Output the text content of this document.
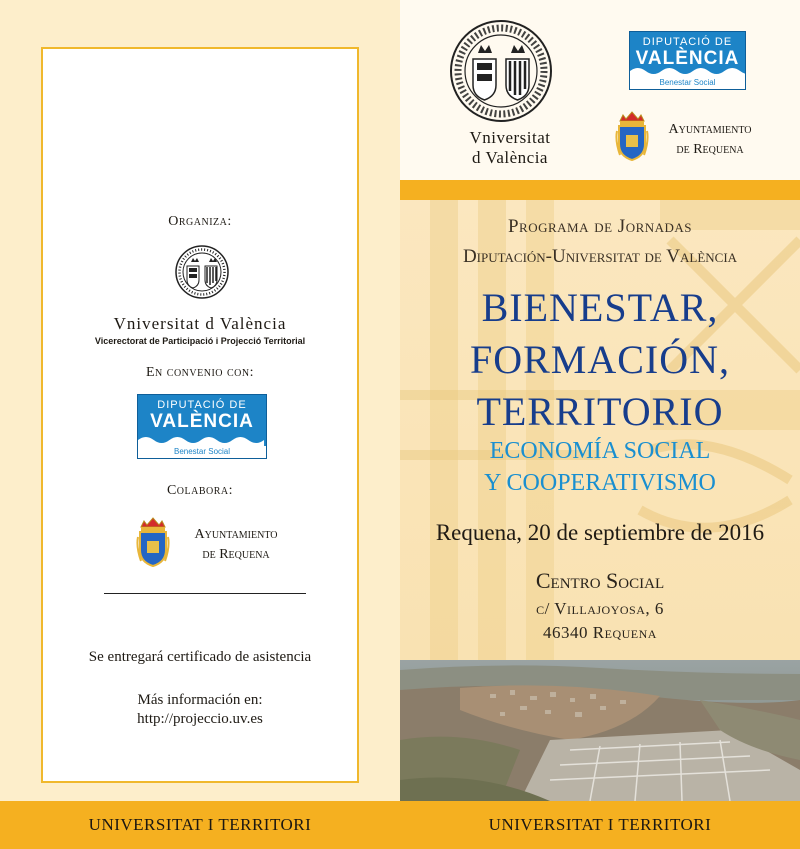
Organiza:
Vniversitat d València
Vicerectorat de Participació i Projecció Territorial
En convenio con:
DIPUTACIÓ DE
VALÈNCIA
Benestar Social
Colabora:
Ayuntamiento
de Requena
Se entregará certificado de asistencia
Más información en:
http://projeccio.uv.es
UNIVERSITAT I TERRITORI
Vniversitat
d València
DIPUTACIÓ DE
VALÈNCIA
Benestar Social
Ayuntamiento
de Requena
Programa de Jornadas
Diputación-Universitat de València
BIENESTAR,
FORMACIÓN,
TERRITORIO
ECONOMÍA SOCIAL
Y COOPERATIVISMO
Requena, 20 de septiembre de 2016
Centro Social
c/ Villajoyosa, 6
46340 Requena
UNIVERSITAT I TERRITORI
